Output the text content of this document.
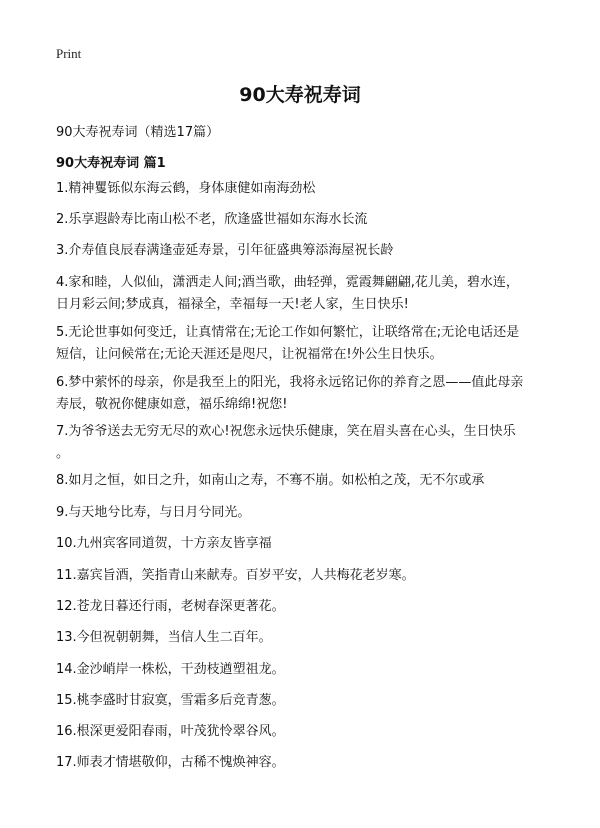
Print
90大寿祝寿词
90大寿祝寿词（精选17篇）
90大寿祝寿词 篇1
1.精神矍铄似东海云鹤，身体康健如南海劲松
2.乐享遐龄寿比南山松不老，欣逢盛世福如东海水长流
3.介寿值良辰春满逢壶延寿景，引年征盛典筹添海屋祝长龄
4.家和睦，人似仙，潇洒走人间;酒当歌，曲轻弹，霓霞舞翩翩,花儿美，碧水连，
日月彩云间;梦成真，福禄全，幸福每一天!老人家，生日快乐!
5.无论世事如何变迁，让真情常在;无论工作如何繁忙，让联络常在;无论电话还是
短信，让问候常在;无论天涯还是咫尺，让祝福常在!外公生日快乐。
6.梦中萦怀的母亲，你是我至上的阳光，我将永远铭记你的养育之恩——值此母亲
寿辰，敬祝你健康如意，福乐绵绵!祝您!
7.为爷爷送去无穷无尽的欢心!祝您永远快乐健康，笑在眉头喜在心头，生日快乐
。
8.如月之恒，如日之升，如南山之寿，不骞不崩。如松柏之茂，无不尔或承
9.与天地兮比寿，与日月兮同光。
10.九州宾客同道贺，十方亲友皆享福
11.嘉宾旨酒，笑指青山来献寿。百岁平安，人共梅花老岁寒。
12.苍龙日暮还行雨，老树春深更著花。
13.今但祝朝朝舞，当信人生二百年。
14.金沙峭岸一株松，干劲枝遒塑祖龙。
15.桃李盛时甘寂寞，雪霜多后竞青葱。
16.根深更爱阳春雨，叶茂犹怜翠谷风。
17.师表才情堪敬仰，古稀不愧焕神容。
